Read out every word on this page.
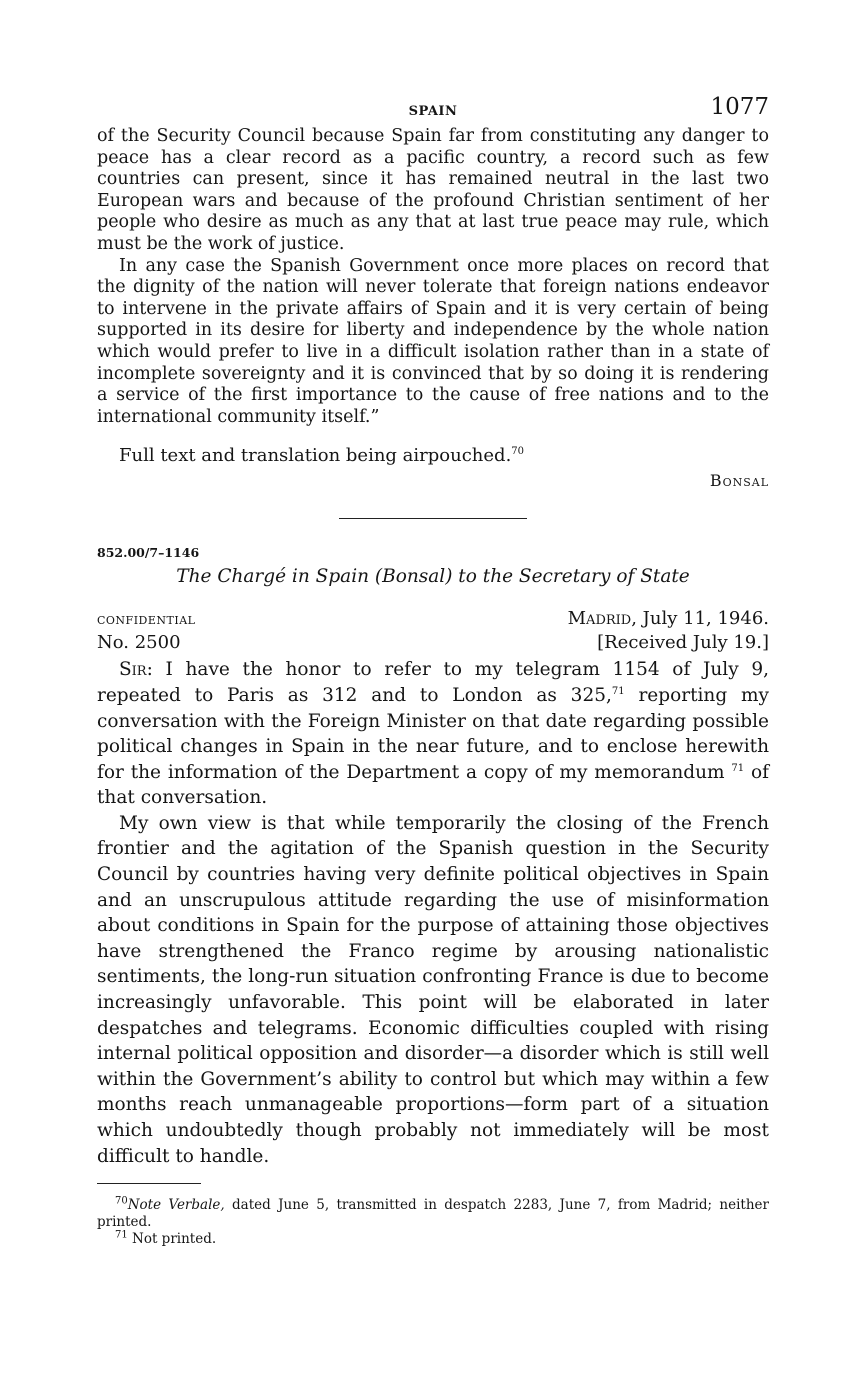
SPAIN	1077

of the Security Council because Spain far from constituting any danger to peace has a clear record as a pacific country, a record such as few countries can present, since it has remained neutral in the last two European wars and because of the profound Christian sentiment of her people who desire as much as any that at last true peace may rule, which must be the work of justice.

In any case the Spanish Government once more places on record that the dignity of the nation will never tolerate that foreign nations endeavor to intervene in the private affairs of Spain and it is very certain of being supported in its desire for liberty and independence by the whole nation which would prefer to live in a difficult isolation rather than in a state of incomplete sovereignty and it is convinced that by so doing it is rendering a service of the first importance to the cause of free nations and to the international community itself.”

Full text and translation being airpouched.$^{70}$

Bonsal
852.00/7–1146
The Chargé in Spain (Bonsal) to the Secretary of State
confidential	Madrid, July 11, 1946.
No. 2500	[Received July 19.]

Sir: I have the honor to refer to my telegram 1154 of July 9, repeated to Paris as 312 and to London as 325,71 reporting my conversation with the Foreign Minister on that date regarding possible political changes in Spain in the near future, and to enclose herewith for the information of the Department a copy of my memorandum $^{71}$ of that conversation.

My own view is that while temporarily the closing of the French frontier and the agitation of the Spanish question in the Security Council by countries having very definite political objectives in Spain and an unscrupulous attitude regarding the use of misinformation about conditions in Spain for the purpose of attaining those objectives have strengthened the Franco regime by arousing nationalistic sentiments, the long-run situation confronting France is due to become increasingly unfavorable. This point will be elaborated in later despatches and telegrams. Economic difficulties coupled with rising internal political opposition and disorder—a disorder which is still well within the Government’s ability to control but which may within a few months reach unmanageable proportions—form part of a situation which undoubtedly though probably not immediately will be most difficult to handle.

$^{70}$Note Verbale, dated June 5, transmitted in despatch 2283, June 7, from Madrid; neither printed.

$^{71}$ Not printed.
